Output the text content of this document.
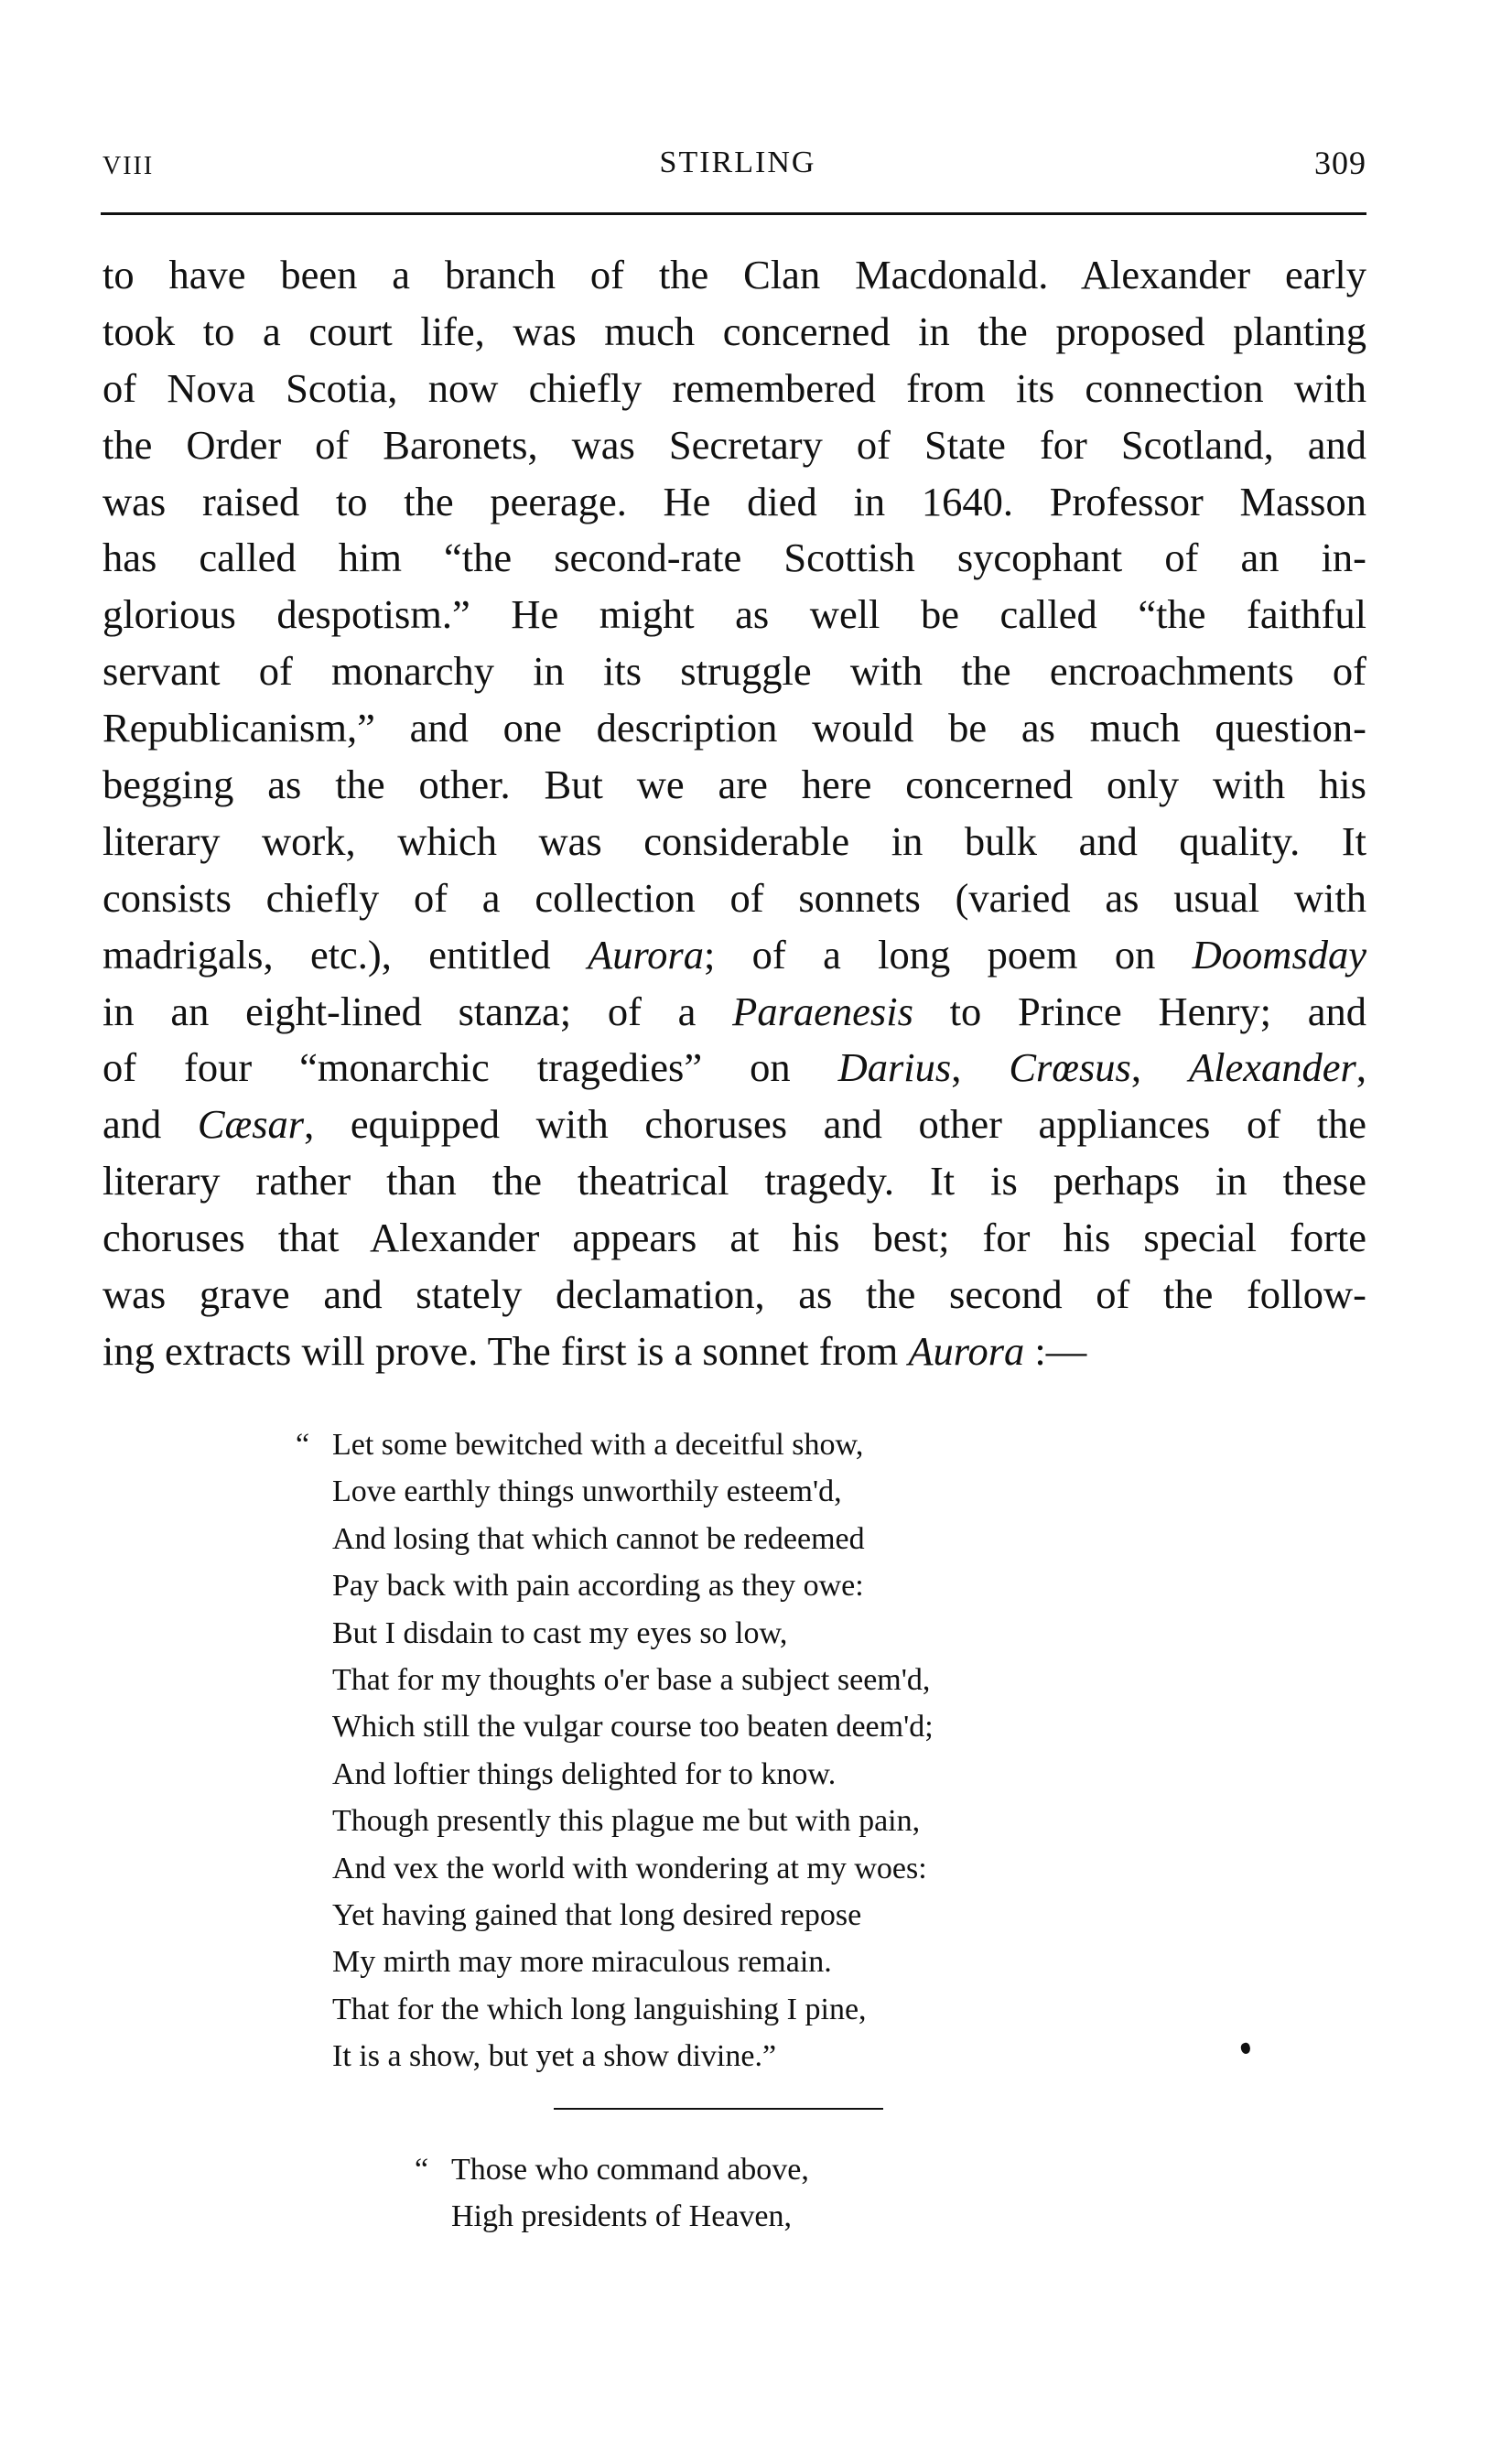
VIII	STIRLING	309
to have been a branch of the Clan Macdonald. Alexander early
took to a court life, was much concerned in the proposed planting
of Nova Scotia, now chiefly remembered from its connection with
the Order of Baronets, was Secretary of State for Scotland, and
was raised to the peerage. He died in 1640. Professor Masson
has called him “the second-rate Scottish sycophant of an in-
glorious despotism.” He might as well be called “the faithful
servant of monarchy in its struggle with the encroachments of
Republicanism,” and one description would be as much question-
begging as the other. But we are here concerned only with his
literary work, which was considerable in bulk and quality. It
consists chiefly of a collection of sonnets (varied as usual with
madrigals, etc.), entitled Aurora; of a long poem on Doomsday
in an eight-lined stanza; of a Paraenesis to Prince Henry; and
of four “monarchic tragedies” on Darius, Crœsus, Alexander,
and Cæsar, equipped with choruses and other appliances of the
literary rather than the theatrical tragedy. It is perhaps in these
choruses that Alexander appears at his best; for his special forte
was grave and stately declamation, as the second of the follow-
ing extracts will prove. The first is a sonnet from Aurora :—
“ Let some bewitched with a deceitful show,
Love earthly things unworthily esteem'd,
And losing that which cannot be redeemed
Pay back with pain according as they owe:
But I disdain to cast my eyes so low,
That for my thoughts o'er base a subject seem'd,
Which still the vulgar course too beaten deem'd;
And loftier things delighted for to know.
Though presently this plague me but with pain,
And vex the world with wondering at my woes:
Yet having gained that long desired repose
My mirth may more miraculous remain.
That for the which long languishing I pine,
It is a show, but yet a show divine.”
“ Those who command above,
High presidents of Heaven,
